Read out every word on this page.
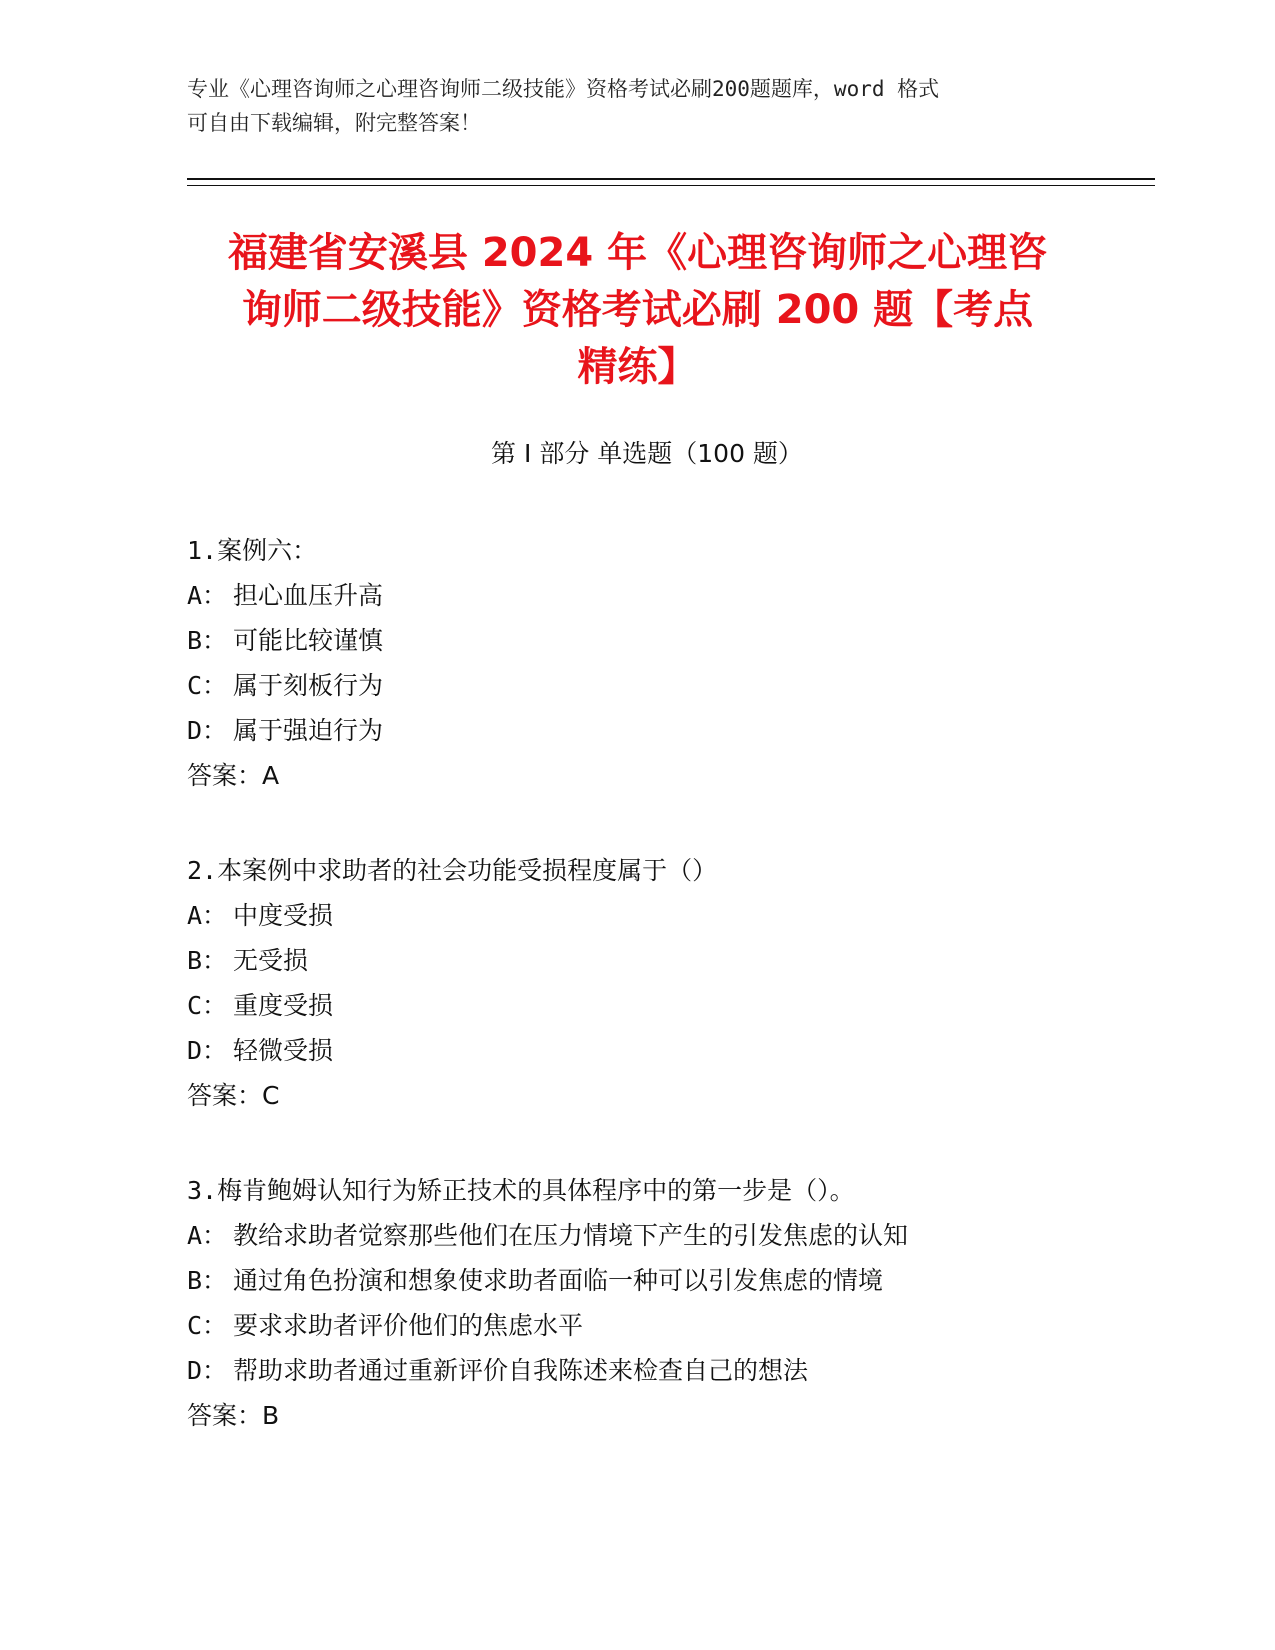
专业《心理咨询师之心理咨询师二级技能》资格考试必刷200题题库，word 格式
可自由下载编辑，附完整答案！
福建省安溪县 2024 年《心理咨询师之心理咨
询师二级技能》资格考试必刷 200 题【考点
精练】
第 I 部分 单选题（100 题）
1.案例六：
A： 担心血压升高
B： 可能比较谨慎
C： 属于刻板行为
D： 属于强迫行为
答案：A
2.本案例中求助者的社会功能受损程度属于（）
A： 中度受损
B： 无受损
C： 重度受损
D： 轻微受损
答案：C
3.梅肯鲍姆认知行为矫正技术的具体程序中的第一步是（）。
A： 教给求助者觉察那些他们在压力情境下产生的引发焦虑的认知
B： 通过角色扮演和想象使求助者面临一种可以引发焦虑的情境
C： 要求求助者评价他们的焦虑水平
D： 帮助求助者通过重新评价自我陈述来检查自己的想法
答案：B
